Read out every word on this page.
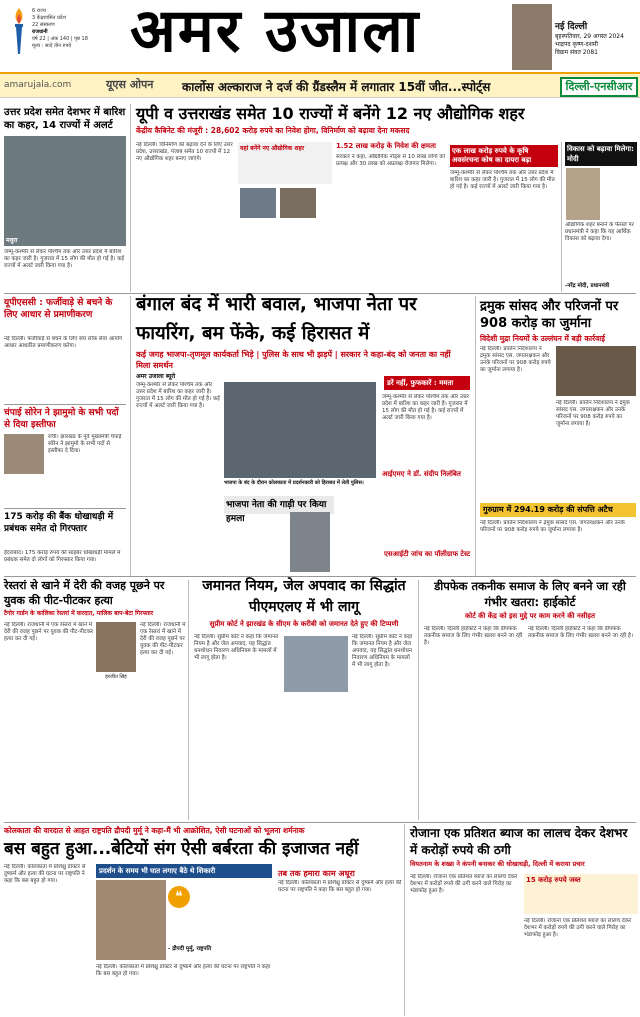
6 राज्य
3 केंद्रशासित प्रदेश
22 संस्करण
राजधानी
वर्ष 22 | अंक 140 | पृष्ठ 18
मूल्य : सादे तीन रुपये अमर उजाला	नई दिल्ली
बृहस्पतिवार, 29 अगस्त 2024
भाद्रपद कृष्ण-दशमी
विक्रम संवत 2081
amarujala.com	यूएस ओपन	कार्लोस अल्काराज ने दर्ज की ग्रैंडस्लैम में लगातार 15वीं जीत...स्पोर्ट्स	दिल्ली-एनसीआर
उत्तर प्रदेश समेत देशभर में बारिश का कहर, 14 राज्यों में अलर्ट
मथुरा
जम्मू-कश्मीर से लेकर पश्चिम तक और उत्तर प्रदेश में बारिश का कहर जारी है। गुजरात में 15 लोग की मौत हो गई है। कई राज्यों में अलर्ट जारी किया गया है।
यूपी व उत्तराखंड समेत 10 राज्यों में बनेंगे 12 नए औद्योगिक शहर
केंद्रीय कैबिनेट की मंजूरी : 28,602 करोड़ रुपये का निवेश होगा, विनिर्माण को बढ़ावा देना मकसद
नई दिल्ली। विनिर्माण को बढ़ावा देने के लिए उत्तर प्रदेश, उत्तराखंड, पंजाब समेत 10 राज्यों में 12 नए औद्योगिक शहर बनाए जाएंगे।
यहां बनेंगे नए औद्योगिक शहर	1.52 लाख करोड़ के निवेश की क्षमता
सरकार ने कहा, औद्योगिक नोड्स से 10 लाख लोगों को प्रत्यक्ष और 30 लाख को अप्रत्यक्ष रोजगार मिलेगा।
एक लाख करोड़ रुपये के कृषि अवसंरचना कोष का दायरा बढ़ा
जम्मू-कश्मीर से लेकर पश्चिम तक और उत्तर प्रदेश में बारिश का कहर जारी है। गुजरात में 15 लोग की मौत हो गई है। कई राज्यों में अलर्ट जारी किया गया है।
विकास को बढ़ावा मिलेगा: मोदी
औद्योगिक शहर बनाने के फैसले पर प्रधानमंत्री ने कहा कि यह आर्थिक विकास को बढ़ावा देगा।
-नरेंद्र मोदी, प्रधानमंत्री
यूपीएससी : फर्जीवाड़े से बचने के लिए आधार से प्रमाणीकरण
नई दिल्ली। फर्जीवाड़े से बचने के लिए संघ लोक सेवा आयोग आधार आधारित प्रमाणीकरण करेगा।
चंपाई सोरेन ने झामुमो के सभी पदों से दिया इस्तीफा
रांची। झारखंड के पूर्व मुख्यमंत्री चंपाई सोरेन ने झामुमो के सभी पदों से इस्तीफा दे दिया।
175 करोड़ की बैंक धोखाधड़ी में प्रबंधक समेत दो गिरफ्तार
हैदराबाद। 175 करोड़ रुपये की साइबर धोखाधड़ी मामले में प्रबंधक समेत दो लोगों को गिरफ्तार किया गया।
बंगाल बंद में भारी बवाल, भाजपा नेता पर फायरिंग, बम फेंके, कई हिरासत में
कई जगह भाजपा-तृणमूल कार्यकर्ता भिड़े | पुलिस के साथ भी झड़पें | सरकार ने कहा-बंद को जनता का नहीं मिला समर्थन
अमर उजाला ब्यूरो
जम्मू-कश्मीर से लेकर पश्चिम तक और उत्तर प्रदेश में बारिश का कहर जारी है। गुजरात में 15 लोग की मौत हो गई है। कई राज्यों में अलर्ट जारी किया गया है।
डरें नहीं, फुफकारें : ममता
भाजपा के बंद के दौरान कोलकाता में प्रदर्शनकारी को हिरासत में लेती पुलिस।
जम्मू-कश्मीर से लेकर पश्चिम तक और उत्तर प्रदेश में बारिश का कहर जारी है। गुजरात में 15 लोग की मौत हो गई है। कई राज्यों में अलर्ट जारी किया गया है।
आईएमए ने डॉ. संदीप निलंबित
भाजपा नेता की गाड़ी पर किया हमला
एसआईटी जांच का पॉलीग्राफ टेस्ट
द्रमुक सांसद और परिजनों पर 908 करोड़ का जुर्माना
विदेशी मुद्रा नियमों के उल्लंघन में बड़ी कार्रवाई
नई दिल्ली। प्रवर्तन निदेशालय ने द्रमुक सांसद एस. जगतरक्षकन और उनके परिजनों पर 908 करोड़ रुपये का जुर्माना लगाया है।
नई दिल्ली। प्रवर्तन निदेशालय ने द्रमुक सांसद एस. जगतरक्षकन और उनके परिजनों पर 908 करोड़ रुपये का जुर्माना लगाया है।
गुरुग्राम में 294.19 करोड़ की संपत्ति अटैच
नई दिल्ली। प्रवर्तन निदेशालय ने द्रमुक सांसद एस. जगतरक्षकन और उनके परिजनों पर 908 करोड़ रुपये का जुर्माना लगाया है।
रेस्तरां से खाने में देरी की वजह पूछने पर युवक की पीट-पीटकर हत्या
टैगोर गार्डन के कालिका रेस्तरां में वारदात, मालिक बाप-बेटा गिरफ्तार
नई दिल्ली। राजधानी में एक रेस्तरां में खाने में देरी की वजह पूछने पर युवक की पीट-पीटकर हत्या कर दी गई।
हरजीत सिंह
नई दिल्ली। राजधानी में एक रेस्तरां में खाने में देरी की वजह पूछने पर युवक की पीट-पीटकर हत्या कर दी गई।
जमानत नियम, जेल अपवाद का सिद्धांत पीएमएलए में भी लागू
सुप्रीम कोर्ट ने झारखंड के सीएम के करीबी को जमानत देते हुए की टिप्पणी
नई दिल्ली। सुप्रीम कोर्ट ने कहा कि जमानत नियम है और जेल अपवाद, यह सिद्धांत धनशोधन निवारण अधिनियम के मामलों में भी लागू होता है।
नई दिल्ली। सुप्रीम कोर्ट ने कहा कि जमानत नियम है और जेल अपवाद, यह सिद्धांत धनशोधन निवारण अधिनियम के मामलों में भी लागू होता है।
डीपफेक तकनीक समाज के लिए बनने जा रही गंभीर खतरा: हाईकोर्ट
कोर्ट की केंद्र को इस मुद्दे पर काम करने की नसीहत
नई दिल्ली। दिल्ली हाईकोर्ट ने कहा कि डीपफेक तकनीक समाज के लिए गंभीर खतरा बनने जा रही है।
नई दिल्ली। दिल्ली हाईकोर्ट ने कहा कि डीपफेक तकनीक समाज के लिए गंभीर खतरा बनने जा रही है।
कोलकाता की वारदात से आहत राष्ट्रपति द्रौपदी मुर्मू ने कहा-मैं भी आक्रोशित, ऐसी घटनाओं को भूलना शर्मनाक
बस बहुत हुआ...बेटियों संग ऐसी बर्बरता की इजाजत नहीं
नई दिल्ली। कोलकाता में प्रशिक्षु डॉक्टर से दुष्कर्म और हत्या की घटना पर राष्ट्रपति ने कहा कि बस बहुत हो गया।
प्रदर्शन के समय भी घात लगाए बैठे थे शिकारी
❝
- द्रौपदी मुर्मू, राष्ट्रपति
नई दिल्ली। कोलकाता में प्रशिक्षु डॉक्टर से दुष्कर्म और हत्या की घटना पर राष्ट्रपति ने कहा कि बस बहुत हो गया।
तब तक हमारा काम अधूरा
नई दिल्ली। कोलकाता में प्रशिक्षु डॉक्टर से दुष्कर्म और हत्या की घटना पर राष्ट्रपति ने कहा कि बस बहुत हो गया।
रोजाना एक प्रतिशत ब्याज का लालच देकर देशभर में करोड़ों रुपये की ठगी
वियतनाम के शख्स ने कंपनी बनाकर की धोखाधड़ी, दिल्ली में कराया प्रचार
नई दिल्ली। रोजाना एक प्रतिशत ब्याज का लालच देकर देशभर में करोड़ों रुपये की ठगी करने वाले गिरोह का भंडाफोड़ हुआ है।
15 करोड़ रुपये जब्त
नई दिल्ली। रोजाना एक प्रतिशत ब्याज का लालच देकर देशभर में करोड़ों रुपये की ठगी करने वाले गिरोह का भंडाफोड़ हुआ है।
